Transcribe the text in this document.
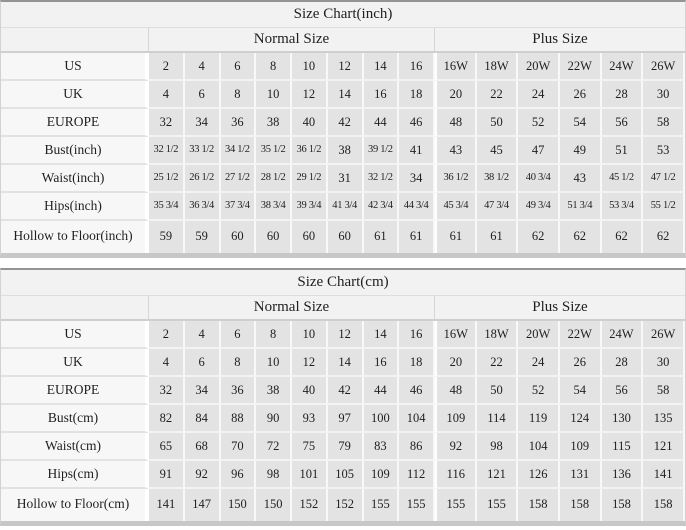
Size Chart(inch)
Normal Size	Plus Size
US	2	4	6	8	10	12	14	16	16W	18W	20W	22W	24W	26W
UK	4	6	8	10	12	14	16	18	20	22	24	26	28	30
EUROPE	32	34	36	38	40	42	44	46	48	50	52	54	56	58
Bust(inch)	32 1/2	33 1/2	34 1/2	35 1/2	36 1/2	38	39 1/2	41	43	45	47	49	51	53
Waist(inch)	25 1/2	26 1/2	27 1/2	28 1/2	29 1/2	31	32 1/2	34	36 1/2	38 1/2	40 3/4	43	45 1/2	47 1/2
Hips(inch)	35 3/4	36 3/4	37 3/4	38 3/4	39 3/4	41 3/4	42 3/4	44 3/4	45 3/4	47 3/4	49 3/4	51 3/4	53 3/4	55 1/2
Hollow to Floor(inch)	59	59	60	60	60	60	61	61	61	61	62	62	62	62
Size Chart(cm)
Normal Size	Plus Size
US	2	4	6	8	10	12	14	16	16W	18W	20W	22W	24W	26W
UK	4	6	8	10	12	14	16	18	20	22	24	26	28	30
EUROPE	32	34	36	38	40	42	44	46	48	50	52	54	56	58
Bust(cm)	82	84	88	90	93	97	100	104	109	114	119	124	130	135
Waist(cm)	65	68	70	72	75	79	83	86	92	98	104	109	115	121
Hips(cm)	91	92	96	98	101	105	109	112	116	121	126	131	136	141
Hollow to Floor(cm)	141	147	150	150	152	152	155	155	155	155	158	158	158	158
